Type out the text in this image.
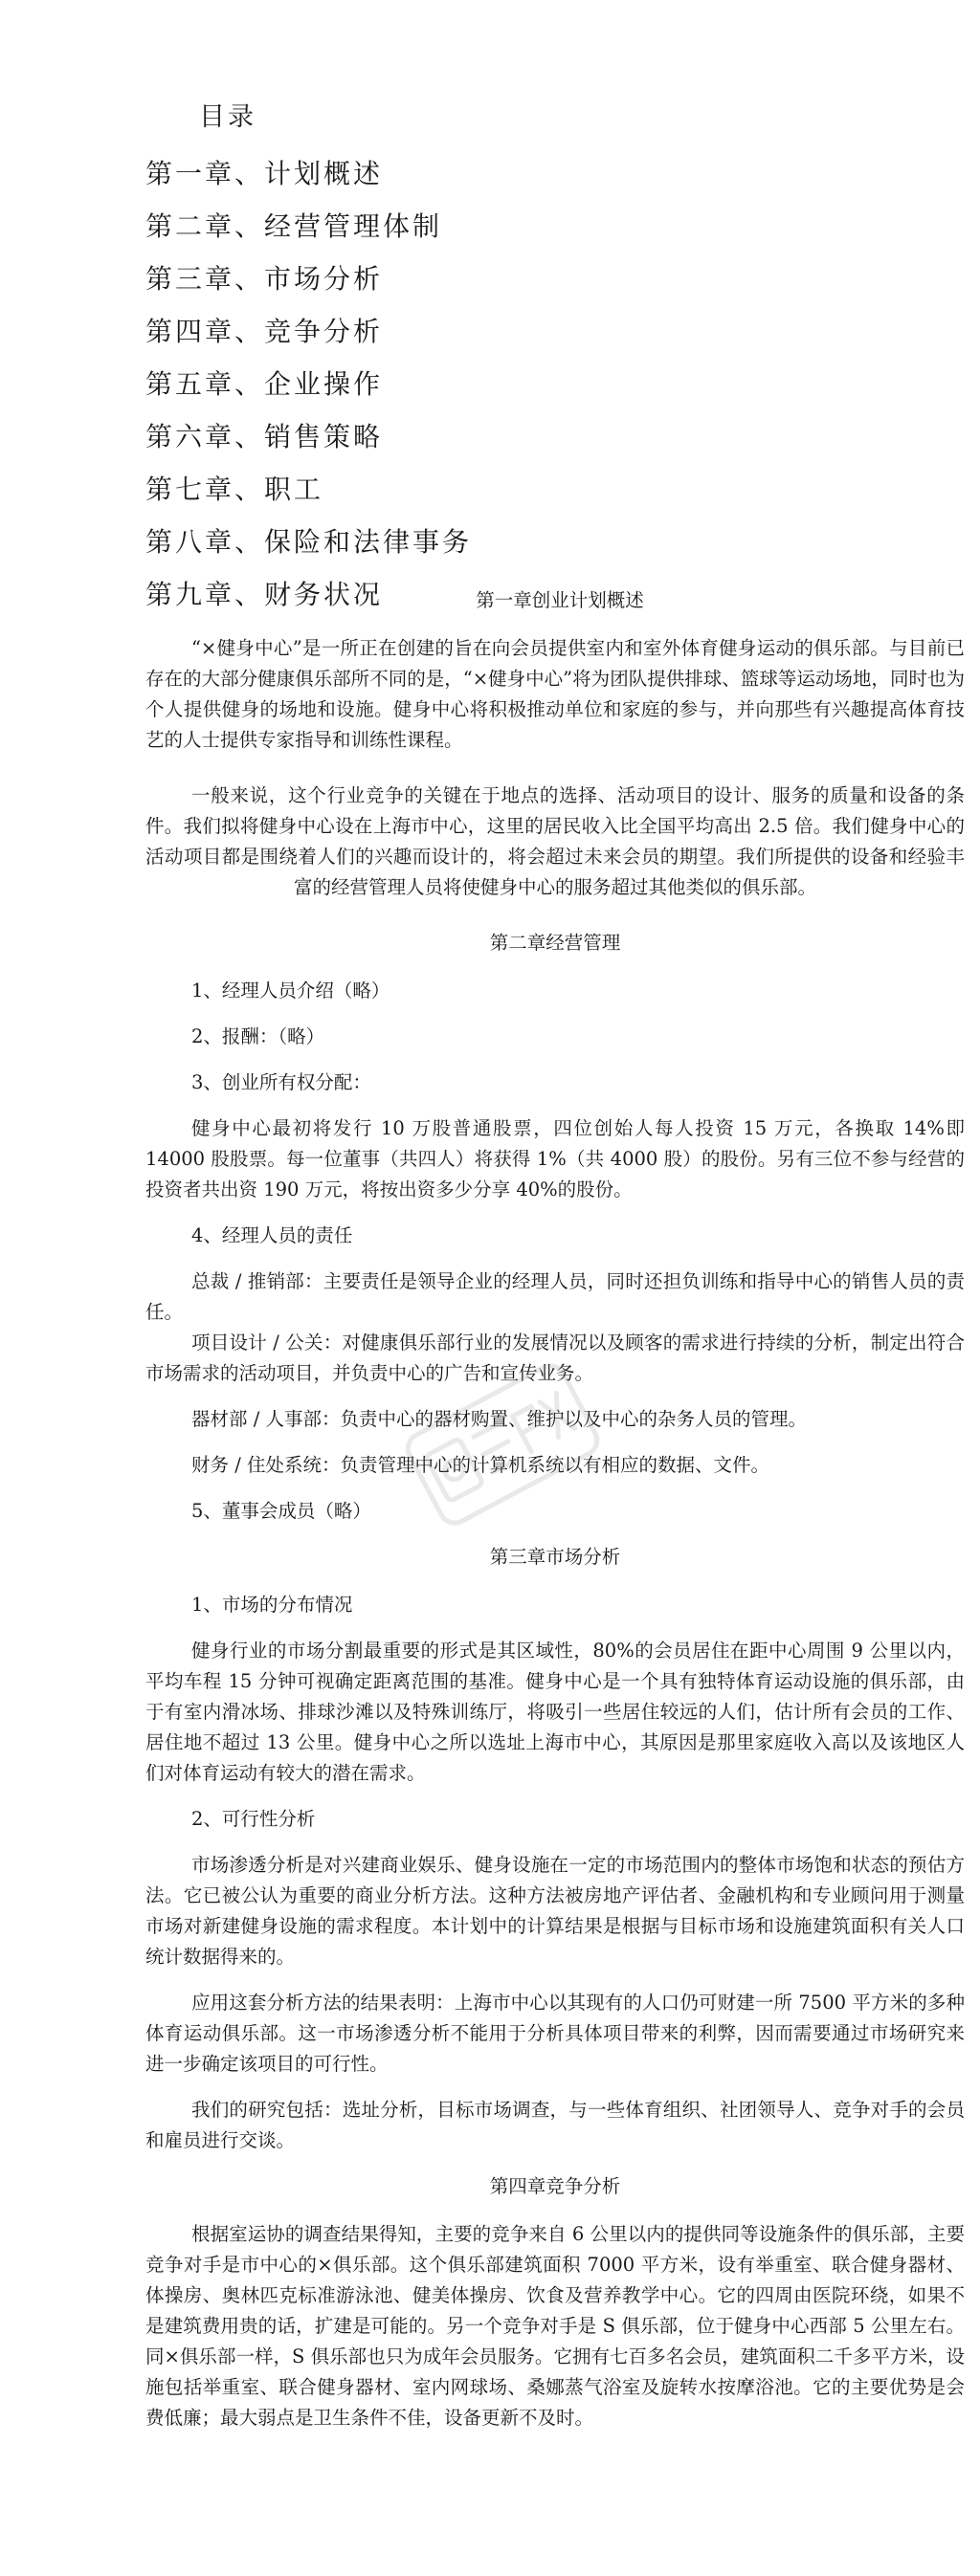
目录
第一章、计划概述
第二章、经营管理体制
第三章、市场分析
第四章、竞争分析
第五章、企业操作
第六章、销售策略
第七章、职工
第八章、保险和法律事务
第九章、财务状况	第一章创业计划概述

“×健身中心”是一所正在创建的旨在向会员提供室内和室外体育健身运动的俱乐部。与目前已存在的大部分健康俱乐部所不同的是，“×健身中心”将为团队提供排球、篮球等运动场地，同时也为个人提供健身的场地和设施。健身中心将积极推动单位和家庭的参与，并向那些有兴趣提高体育技艺的人士提供专家指导和训练性课程。

一般来说，这个行业竞争的关键在于地点的选择、活动项目的设计、服务的质量和设备的条件。我们拟将健身中心设在上海市中心，这里的居民收入比全国平均高出 2.5 倍。我们健身中心的活动项目都是围绕着人们的兴趣而设计的，将会超过未来会员的期望。我们所提供的设备和经验丰富的经营管理人员将使健身中心的服务超过其他类似的俱乐部。

第二章经营管理

1、经理人员介绍（略）

2、报酬：（略）

3、创业所有权分配：

健身中心最初将发行 10 万股普通股票，四位创始人每人投资 15 万元，各换取 14%即 14000 股股票。每一位董事（共四人）将获得 1%（共 4000 股）的股份。另有三位不参与经营的投资者共出资 190 万元，将按出资多少分享 40%的股份。

4、经理人员的责任

总裁 / 推销部：主要责任是领导企业的经理人员，同时还担负训练和指导中心的销售人员的责任。

项目设计 / 公关：对健康俱乐部行业的发展情况以及顾客的需求进行持续的分析，制定出符合市场需求的活动项目，并负责中心的广告和宣传业务。

器材部 / 人事部：负责中心的器材购置、维护以及中心的杂务人员的管理。

财务 / 住处系统：负责管理中心的计算机系统以有相应的数据、文件。

5、董事会成员（略）

第三章市场分析

1、市场的分布情况

健身行业的市场分割最重要的形式是其区域性，80%的会员居住在距中心周围 9 公里以内，平均车程 15 分钟可视确定距离范围的基准。健身中心是一个具有独特体育运动设施的俱乐部，由于有室内滑冰场、排球沙滩以及特殊训练厅，将吸引一些居住较远的人们，估计所有会员的工作、居住地不超过 13 公里。健身中心之所以选址上海市中心，其原因是那里家庭收入高以及该地区人们对体育运动有较大的潜在需求。

2、可行性分析

市场渗透分析是对兴建商业娱乐、健身设施在一定的市场范围内的整体市场饱和状态的预估方法。它已被公认为重要的商业分析方法。这种方法被房地产评估者、金融机构和专业顾问用于测量市场对新建健身设施的需求程度。本计划中的计算结果是根据与目标市场和设施建筑面积有关人口统计数据得来的。

应用这套分析方法的结果表明：上海市中心以其现有的人口仍可财建一所 7500 平方米的多种体育运动俱乐部。这一市场渗透分析不能用于分析具体项目带来的利弊，因而需要通过市场研究来进一步确定该项目的可行性。

我们的研究包括：选址分析，目标市场调查，与一些体育组织、社团领导人、竞争对手的会员和雇员进行交谈。

第四章竞争分析

根据室运协的调查结果得知，主要的竞争来自 6 公里以内的提供同等设施条件的俱乐部，主要竞争对手是市中心的×俱乐部。这个俱乐部建筑面积 7000 平方米，设有举重室、联合健身器材、体操房、奥林匹克标准游泳池、健美体操房、饮食及营养教学中心。它的四周由医院环绕，如果不是建筑费用贵的话，扩建是可能的。另一个竞争对手是 S 俱乐部，位于健身中心西部 5 公里左右。同×俱乐部一样，S 俱乐部也只为成年会员服务。它拥有七百多名会员，建筑面积二千多平方米，设施包括举重室、联合健身器材、室内网球场、桑娜蒸气浴室及旋转水按摩浴池。它的主要优势是会费低廉；最大弱点是卫生条件不佳，设备更新不及时。
